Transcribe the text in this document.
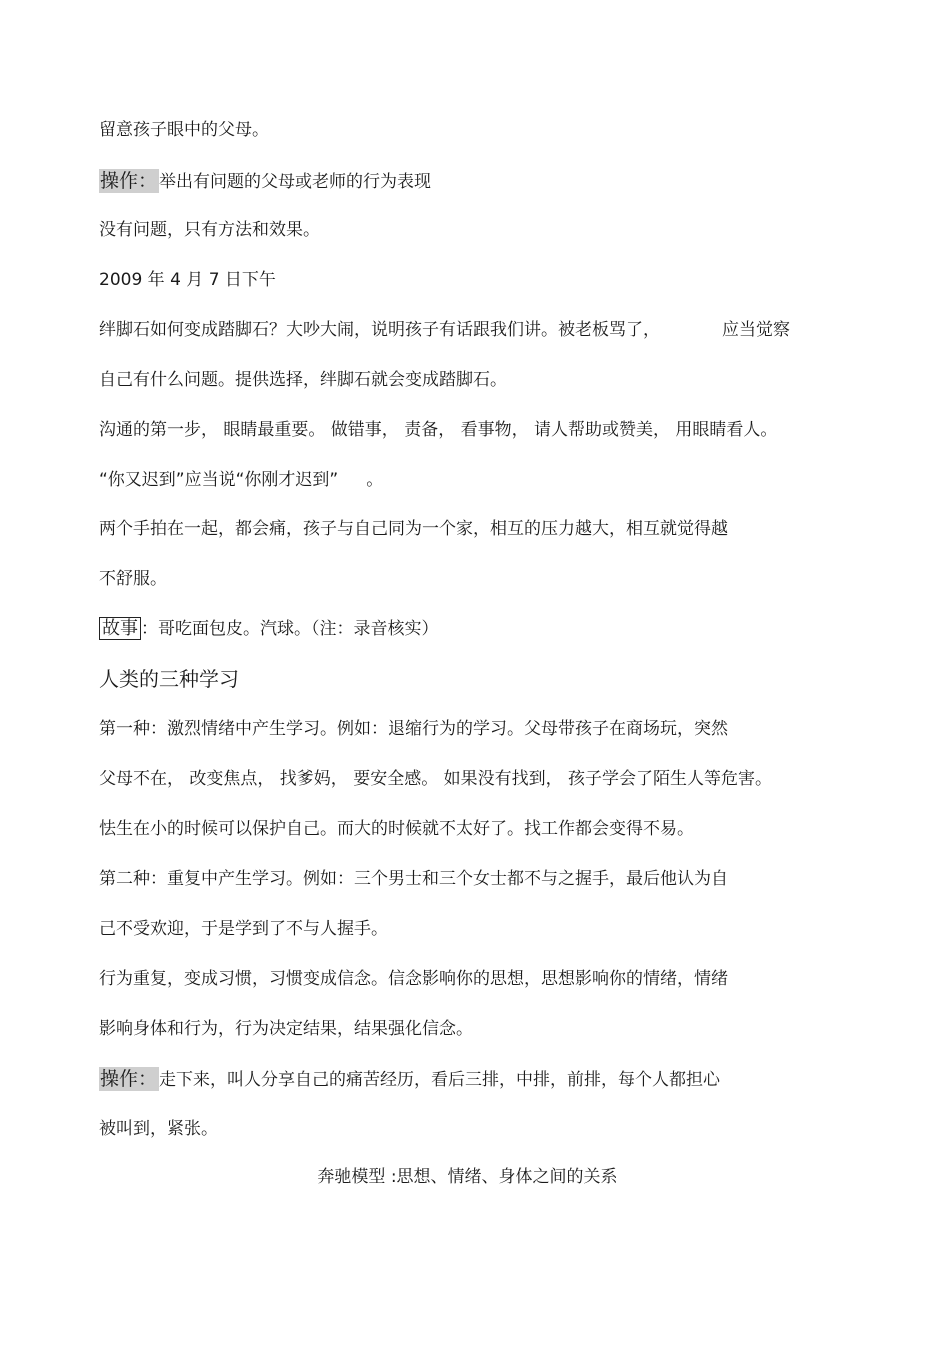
留意孩子眼中的父母。
操作： 举出有问题的父母或老师的行为表现
没有问题，只有方法和效果。
2009 年 4 月 7 日下午
绊脚石如何变成踏脚石？大吵大闹，说明孩子有话跟我们讲。被老板骂了，	应当觉察
自己有什么问题。提供选择，绊脚石就会变成踏脚石。
沟通的第一步， 眼睛最重要。 做错事， 责备， 看事物， 请人帮助或赞美， 用眼睛看人。
“你又迟到”应当说“你刚才迟到” 。
两个手拍在一起，都会痛，孩子与自己同为一个家，相互的压力越大，相互就觉得越
不舒服。
故事 ：哥吃面包皮。汽球。（注：录音核实）
人类的三种学习
第一种：激烈情绪中产生学习。例如：退缩行为的学习。父母带孩子在商场玩，突然
父母不在， 改变焦点， 找爹妈， 要安全感。 如果没有找到， 孩子学会了陌生人等危害。
怯生在小的时候可以保护自己。而大的时候就不太好了。找工作都会变得不易。
第二种：重复中产生学习。例如：三个男士和三个女士都不与之握手，最后他认为自
己不受欢迎，于是学到了不与人握手。
行为重复，变成习惯，习惯变成信念。信念影响你的思想，思想影响你的情绪，情绪
影响身体和行为，行为决定结果，结果强化信念。
操作： 走下来，叫人分享自己的痛苦经历，看后三排，中排，前排，每个人都担心
被叫到，紧张。
奔驰模型 :思想、情绪、身体之间的关系
